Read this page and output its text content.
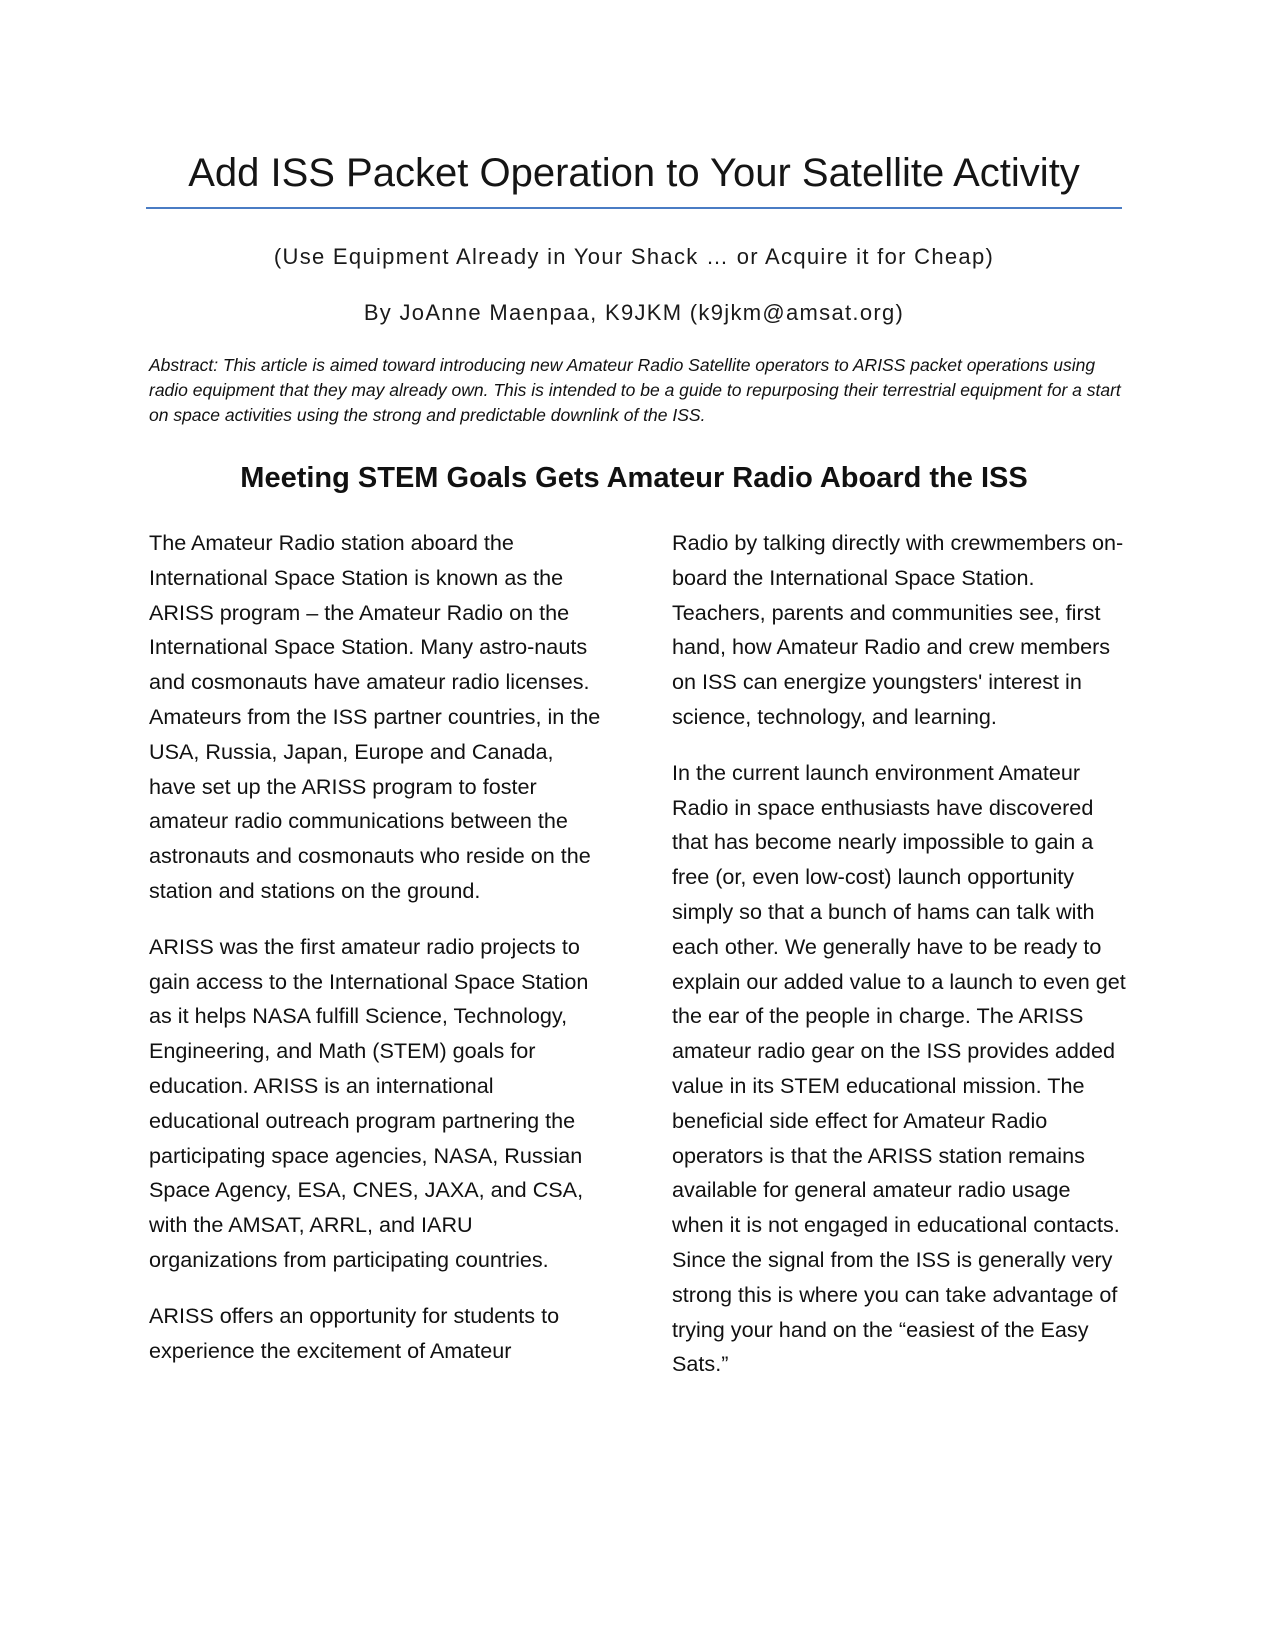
Add ISS Packet Operation to Your Satellite Activity
(Use Equipment Already in Your Shack … or Acquire it for Cheap)
By JoAnne Maenpaa, K9JKM (k9jkm@amsat.org)

Abstract: This article is aimed toward introducing new Amateur Radio Satellite operators to ARISS packet operations using radio equipment that they may already own. This is intended to be a guide to repurposing their terrestrial equipment for a start on space activities using the strong and predictable downlink of the ISS.

Meeting STEM Goals Gets Amateur Radio Aboard the ISS

The Amateur Radio station aboard the International Space Station is known as the ARISS program – the Amateur Radio on the International Space Station. Many astro-nauts and cosmonauts have amateur radio licenses. Amateurs from the ISS partner countries, in the USA, Russia, Japan, Europe and Canada, have set up the ARISS program to foster amateur radio communications between the astronauts and cosmonauts who reside on the station and stations on the ground.

ARISS was the first amateur radio projects to gain access to the International Space Station as it helps NASA fulfill Science, Technology, Engineering, and Math (STEM) goals for education. ARISS is an international educational outreach program partnering the participating space agencies, NASA, Russian Space Agency, ESA, CNES, JAXA, and CSA, with the AMSAT, ARRL, and IARU organizations from participating countries.

ARISS offers an opportunity for students to experience the excitement of Amateur

Radio by talking directly with crewmembers on-board the International Space Station. Teachers, parents and communities see, first hand, how Amateur Radio and crew members on ISS can energize youngsters' interest in science, technology, and learning.

In the current launch environment Amateur Radio in space enthusiasts have discovered that has become nearly impossible to gain a free (or, even low-cost) launch opportunity simply so that a bunch of hams can talk with each other. We generally have to be ready to explain our added value to a launch to even get the ear of the people in charge. The ARISS amateur radio gear on the ISS provides added value in its STEM educational mission. The beneficial side effect for Amateur Radio operators is that the ARISS station remains available for general amateur radio usage when it is not engaged in educational contacts. Since the signal from the ISS is generally very strong this is where you can take advantage of trying your hand on the “easiest of the Easy Sats.”
